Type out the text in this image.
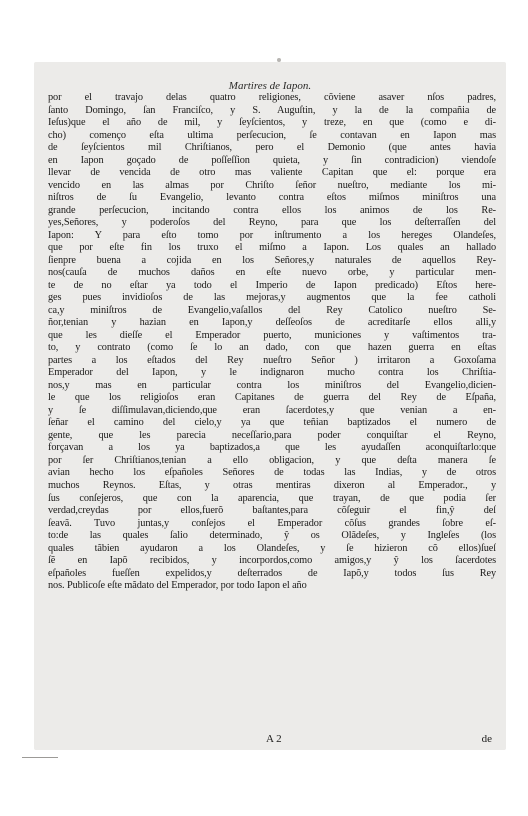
Martires de Iapon.
por el travajo delas quatro religiones, cõviene asaver nſos padres,
ſanto Domingo, ſan Franciſco, y S. Auguſtin, y la de la compañia de
Ieſus)que el año de mil, y ſeyſcientos, y treze, en que (como e di-
cho) començo eſta ultima perſecucion, ſe contavan en Iapon mas
de ſeyſcientos mil Chriſtianos, pero el Demonio (que antes havia
en Iapon goçado de poſſeſſion quieta, y ſin contradicion) viendoſe
llevar de vencida de otro mas valiente Capitan que el: porque era
vencido en las almas por Chriſto ſeñor nueſtro, mediante los mi-
niſtros de ſu Evangelio, levanto contra eſtos miſmos miniſtros una
grande perſecucion, incitando contra ellos los animos de los Re-
yes,Señores, y poderoſos del Reyno, para que los deſterraſſen del
Iapon: Y para eſto tomo por inſtrumento a los hereges Olandeſes,
que por eſte fin los truxo el miſmo a Iapon. Los quales an hallado
ſienpre buena a cojida en los Señores,y naturales de aquellos Rey-
nos(cauſa de muchos daños en eſte nuevo orbe, y particular men-
te de no eſtar ya todo el Imperio de Iapon predicado) Eſtos here-
ges pues invidioſos de las mejoras,y augmentos que la fee catholi
ca,y miniſtros de Evangelio,vaſallos del Rey Catolico nueſtro Se-
ñor,tenian y hazian en Iapon,y deſſeoſos de acreditarſe ellos alli,y
que les dieſſe el Emperador puerto, municiones y vaſtimentos tra-
to, y contrato (como ſe lo an dado, con que hazen guerra en eſtas
partes a los eſtados del Rey nueſtro Señor ) irritaron a Goxoſama
Emperador del Iapon, y le indignaron mucho contra los Chriſtia-
nos,y mas en particular contra los miniſtros del Evangelio,dicien-
le que los religioſos eran Capitanes de guerra del Rey de Eſpaña,
y ſe diſſimulavan,diciendo,que eran ſacerdotes,y que venian a en-
ſeñar el camino del cielo,y ya que teñian baptizados el numero de
gente, que les parecia neceſſario,para poder conquiſtar el Reyno,
forçavan a los ya baptizados,a que les ayudaſſen aconquiſtarlo:que
por ſer Chriſtianos,tenian a ello obligacion, y que deſta manera ſe
avian hecho los eſpañoles Señores de todas las Indias, y de otros
muchos Reynos. Eſtas, y otras mentiras dixeron al Emperador., y
ſus conſejeros, que con la aparencia, que trayan, de que podia ſer
verdad,creydas por ellos,fuerõ baſtantes,para cõſeguir el fin,ŷ deſ
ſeavã. Tuvo juntas,y conſejos el Emperador cõſus grandes ſobre eſ-
to:de las quales ſalio determinado, ŷ os Olãdeſes, y Ingleſes (los
quales tãbien ayudaron a los Olandeſes, y ſe hizieron cõ ellos)ſueſ
ſẽ en Iapõ recibidos, y incorpordos,como amigos,y ŷ los ſacerdotes
eſpañoles fueſſen expelidos,y deſterrados de Iapõ,y todos ſus Rey
nos. Publicoſe eſte mãdato del Emperador, por todo Iapon el año
A 2	de
